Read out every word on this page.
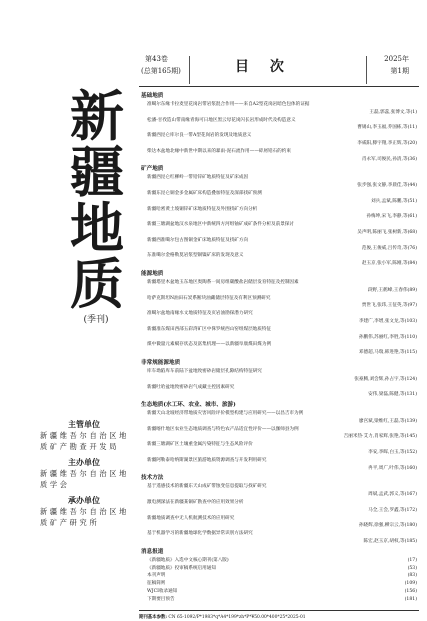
新
疆
地
质
(季刊)
主管单位
新疆维吾尔自治区地质矿产勘查开发局
主办单位
新疆维吾尔自治区地质学会
承办单位
新疆维吾尔自治区地质矿产研究所
第43卷
(总第165期)	目 次	2025年
第1期
基础地质
准噶尔东缘卡拉麦里花岗岩带岩浆混合作用——来自A2型花岗岩暗色包体的证据
王磊,郭蕊,张博文,等(1)
松潘-甘孜造山带南缘青海可日地区黑云母花岗闪长岩形成时代及构造意义
曹锡山,李玉福,乔国栋,等(11)
新疆西昆仑库尔良一带A型花岗岩的发现及地质意义
李威阳,滕宇翔,李正辉,等(20)
柴达木盆地北缘中新世中期以来的暴雨-泥石流作用——碎屑锆石的约束
肖永军,司俊民,孙清,等(36)
矿产地质
新疆西昆仑红柳岭一带铅锌矿地质特征及矿床成因
张步强,张文静,李晨佳,等(44)
新疆东昆仑铜金多金属矿床构造叠加特征及深部找矿预测
刘兵,孟斌,陈鹏,等(51)
新疆哈密黄土坡铜锌矿床地质特征及外围找矿方向分析
孙梅坤,宋飞,李静,等(61)
新疆三塘湖盆地汉水泉地区中新统四方河组铀矿成矿条件分析及前景探讨
吴声明,陈丽飞,张树新,等(68)
新疆西准噶尔包古图铜金矿床地质特征及找矿方向
范俊,王俊威,吕传奇,等(76)
东准噶尔金格勒莫岩浆型铜镍矿床的发现及意义
赵玉京,张小军,陈刚,等(84)
能源地质
新疆塔里木盆地玉东地区奥陶系一间房组碳酸盐岩储层发育特征及控制因素
段野,王鹤峰,王春伟(89)
哈萨克斯坦N油田石炭系断块油藏储层特征及有利区预测研究
贾世飞,张玮,王征英,等(97)
准噶尔盆地南缘水文地质特征及页岩油勘探潜力研究
李建广,李增,张文龙,等(103)
新疆准东煤田西部五彩湾矿区中侏罗统西山窑组煤层地质特征
孙鹏伟,苏丽红,李胜,等(110)
煤中微量元素赋存状态及富集机理——以新疆阜康煤田煤为例
邓德超,马瑞,韩进艳,等(115)
非常规能源地质
库车坳陷库车前陆下盆地致密砂岩储层孔隙结构特征研究
张豪腾,刘会辉,孙占宇,等(124)
新疆吐哈盆地致密砂岩气成藏主控因素研究
安伟,梁磊,陈健,等(131)
生态地质(水工环、农业、城市、旅游)
新疆天山北坡经济带地质灾害风险评价模型构建与应用研究——以昌吉市为例
廖宫斌,梁维红,王磊,等(139)
新疆喀什地区农业生态地质调查与特色农产品适宜性评价——以伽师县为例
吉丽米热·艾力,肖家辉,张艳,等(145)
新疆三塘湖矿区土壤重金属污染特征与生态风险评价
李安,李晖,白玉,等(152)
新疆阿勒泰哈纳斯湖景区旅游地质资源调查与开发利用研究
冉平,周广,叶伟,等(160)
技术方法
基于遥感技术的新疆东天山成矿带蚀变信息提取与找矿研究
周斌,孟武,郭义,等(167)
激电测深法在新疆某铜矿勘查中的应用效果分析
马全,王会,罗鑫,等(172)
新疆地质调查中无人机航测技术的应用研究
孙晓辉,徐强,柳宗云,等(180)
基于机器学习的新疆地球化学数据异常识别方法研究
陈宏,赵玉京,胡权,等(185)
消息报道
《新疆地质》入选中文核心期刊(第八版)	(17)
《新疆地质》投审稿系统启用通知	(53)
本刊声明	(83)
征稿简则	(109)
WJCI收录通知	(156)
下期要目预告	(181)
期刊基本参数: CN 65-1092/P*1983*q*A4*199*zh*P*¥50.00*400*25*2025-01
